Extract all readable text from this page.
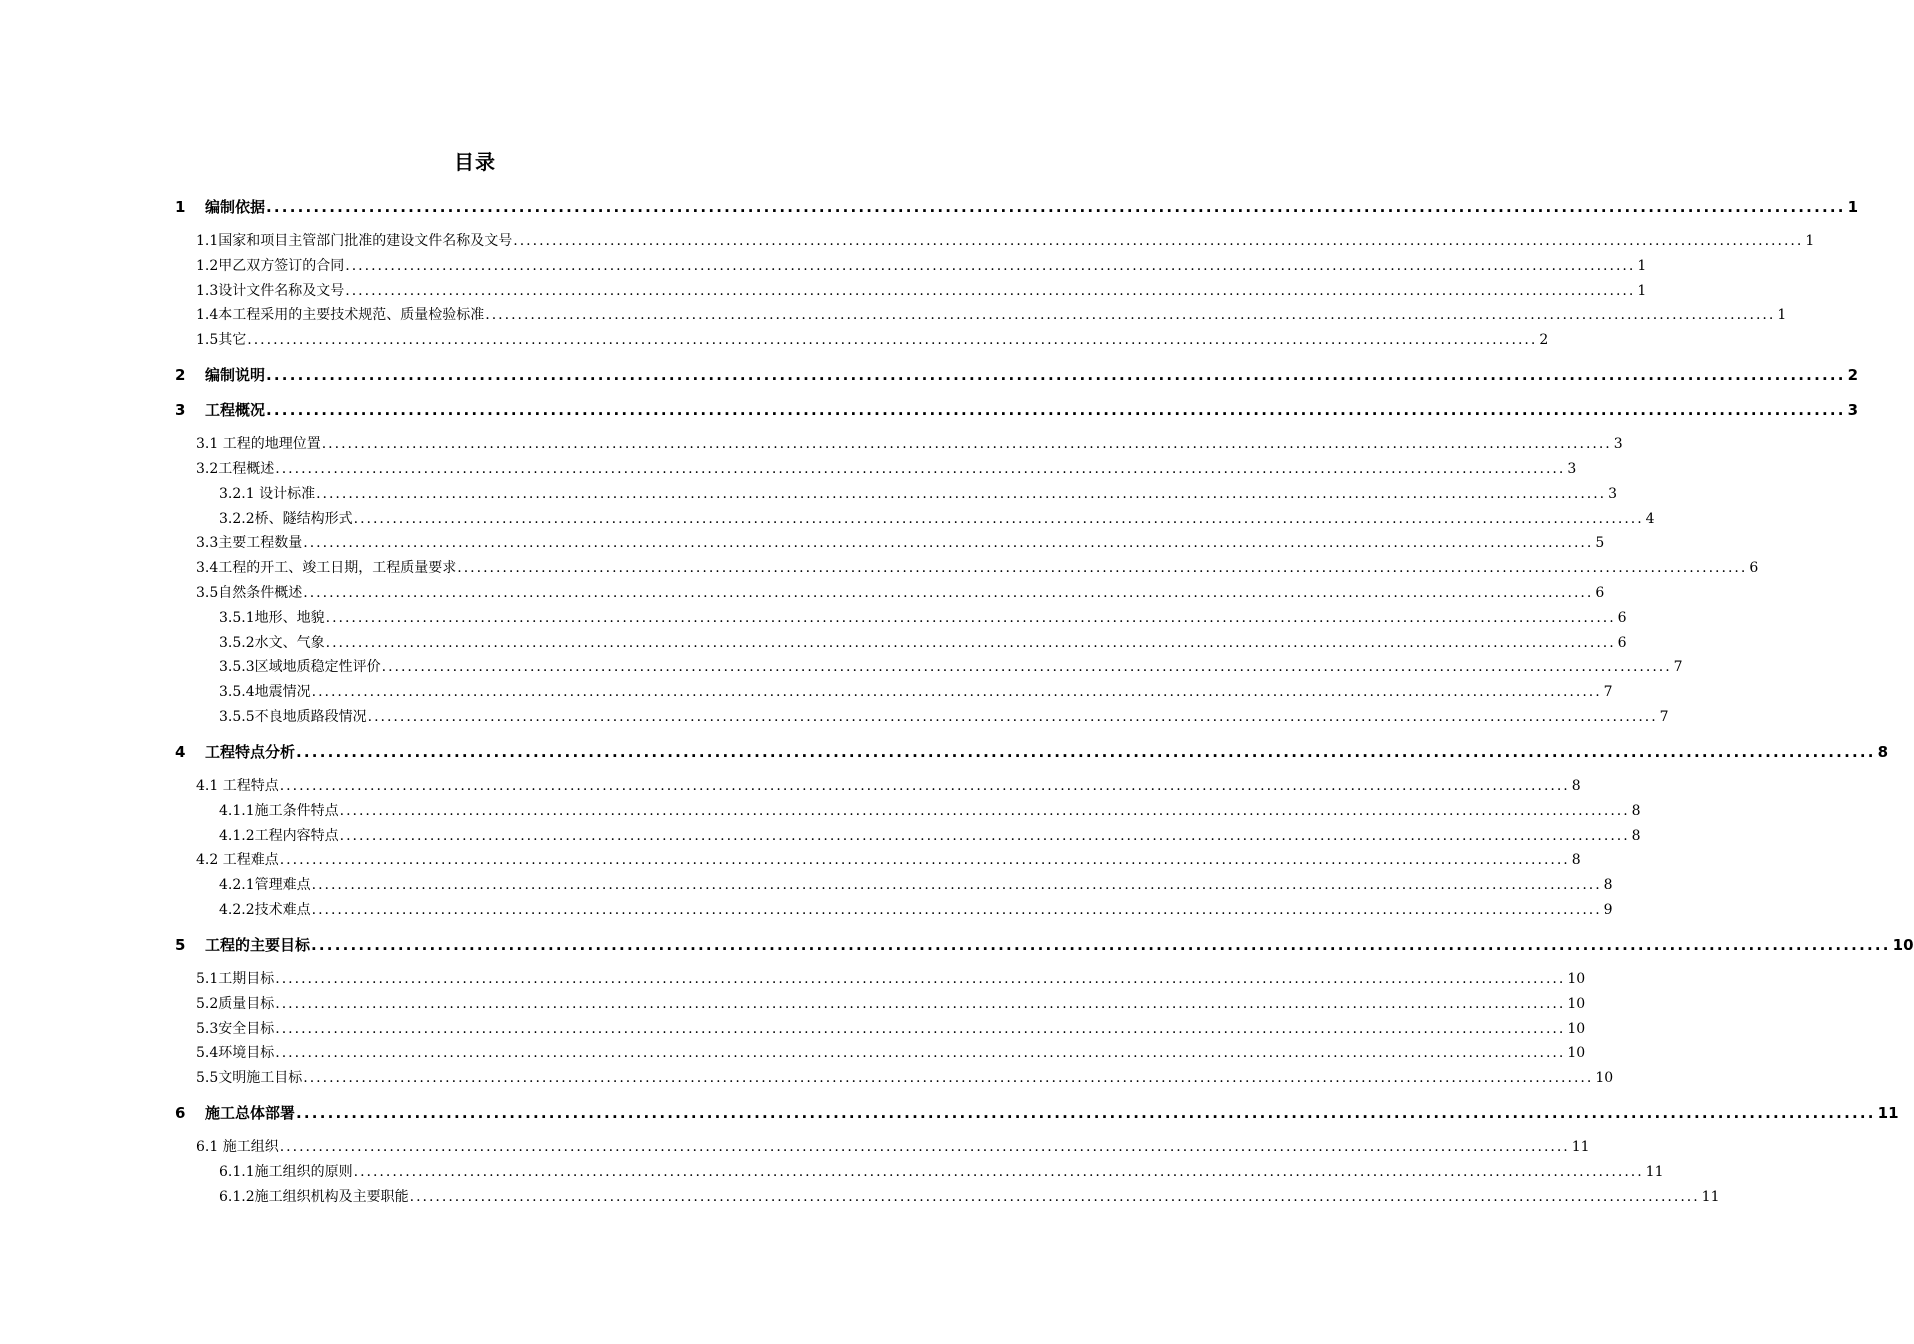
目录
1 编制依据 ........................................................................................................................................................................................................ 1
1.1国家和项目主管部门批准的建设文件名称及文号 ........................................................................................................................................................................................................ 1
1.2甲乙双方签订的合同 ........................................................................................................................................................................................................ 1
1.3设计文件名称及文号 ........................................................................................................................................................................................................ 1
1.4本工程采用的主要技术规范、质量检验标准 ........................................................................................................................................................................................................ 1
1.5其它 ........................................................................................................................................................................................................ 2
2 编制说明 ........................................................................................................................................................................................................ 2
3 工程概况 ........................................................................................................................................................................................................ 3
3.1 工程的地理位置 ........................................................................................................................................................................................................ 3
3.2工程概述 ........................................................................................................................................................................................................ 3
3.2.1 设计标准 ........................................................................................................................................................................................................ 3
3.2.2桥、隧结构形式 ........................................................................................................................................................................................................ 4
3.3主要工程数量 ........................................................................................................................................................................................................ 5
3.4工程的开工、竣工日期，工程质量要求 ........................................................................................................................................................................................................ 6
3.5自然条件概述 ........................................................................................................................................................................................................ 6
3.5.1地形、地貌 ........................................................................................................................................................................................................ 6
3.5.2水文、气象 ........................................................................................................................................................................................................ 6
3.5.3区域地质稳定性评价 ........................................................................................................................................................................................................ 7
3.5.4地震情况 ........................................................................................................................................................................................................ 7
3.5.5不良地质路段情况 ........................................................................................................................................................................................................ 7
4 工程特点分析 ........................................................................................................................................................................................................ 8
4.1 工程特点 ........................................................................................................................................................................................................ 8
4.1.1施工条件特点 ........................................................................................................................................................................................................ 8
4.1.2工程内容特点 ........................................................................................................................................................................................................ 8
4.2 工程难点 ........................................................................................................................................................................................................ 8
4.2.1管理难点 ........................................................................................................................................................................................................ 8
4.2.2技术难点 ........................................................................................................................................................................................................ 9
5 工程的主要目标 ........................................................................................................................................................................................................ 10
5.1工期目标 ........................................................................................................................................................................................................ 10
5.2质量目标 ........................................................................................................................................................................................................ 10
5.3安全目标 ........................................................................................................................................................................................................ 10
5.4环境目标 ........................................................................................................................................................................................................ 10
5.5文明施工目标 ........................................................................................................................................................................................................ 10
6 施工总体部署 ........................................................................................................................................................................................................ 11
6.1 施工组织 ........................................................................................................................................................................................................ 11
6.1.1施工组织的原则 ........................................................................................................................................................................................................ 11
6.1.2施工组织机构及主要职能 ........................................................................................................................................................................................................ 11
